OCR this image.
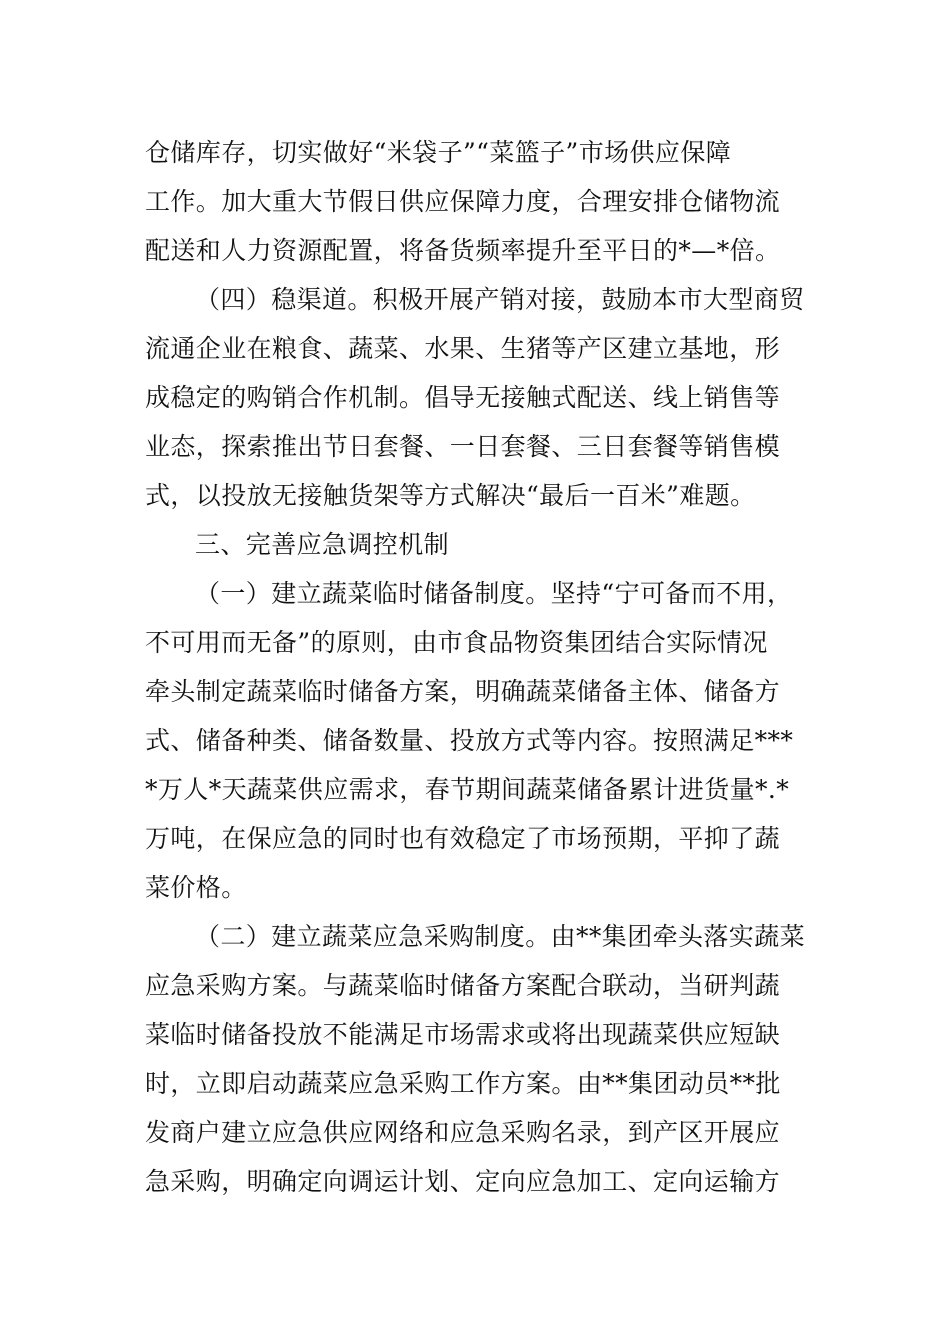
仓储库存，切实做好“米袋子”“菜篮子”市场供应保障
工作。加大重大节假日供应保障力度，合理安排仓储物流
配送和人力资源配置，将备货频率提升至平日的*—*倍。
（四）稳渠道。积极开展产销对接，鼓励本市大型商贸
流通企业在粮食、蔬菜、水果、生猪等产区建立基地，形
成稳定的购销合作机制。倡导无接触式配送、线上销售等
业态，探索推出节日套餐、一日套餐、三日套餐等销售模
式，以投放无接触货架等方式解决“最后一百米”难题。
三、完善应急调控机制
（一）建立蔬菜临时储备制度。坚持“宁可备而不用，
不可用而无备”的原则，由市食品物资集团结合实际情况
牵头制定蔬菜临时储备方案，明确蔬菜储备主体、储备方
式、储备种类、储备数量、投放方式等内容。按照满足***
*万人*天蔬菜供应需求，春节期间蔬菜储备累计进货量*.*
万吨，在保应急的同时也有效稳定了市场预期，平抑了蔬
菜价格。
（二）建立蔬菜应急采购制度。由**集团牵头落实蔬菜
应急采购方案。与蔬菜临时储备方案配合联动，当研判蔬
菜临时储备投放不能满足市场需求或将出现蔬菜供应短缺
时，立即启动蔬菜应急采购工作方案。由**集团动员**批
发商户建立应急供应网络和应急采购名录，到产区开展应
急采购，明确定向调运计划、定向应急加工、定向运输方
